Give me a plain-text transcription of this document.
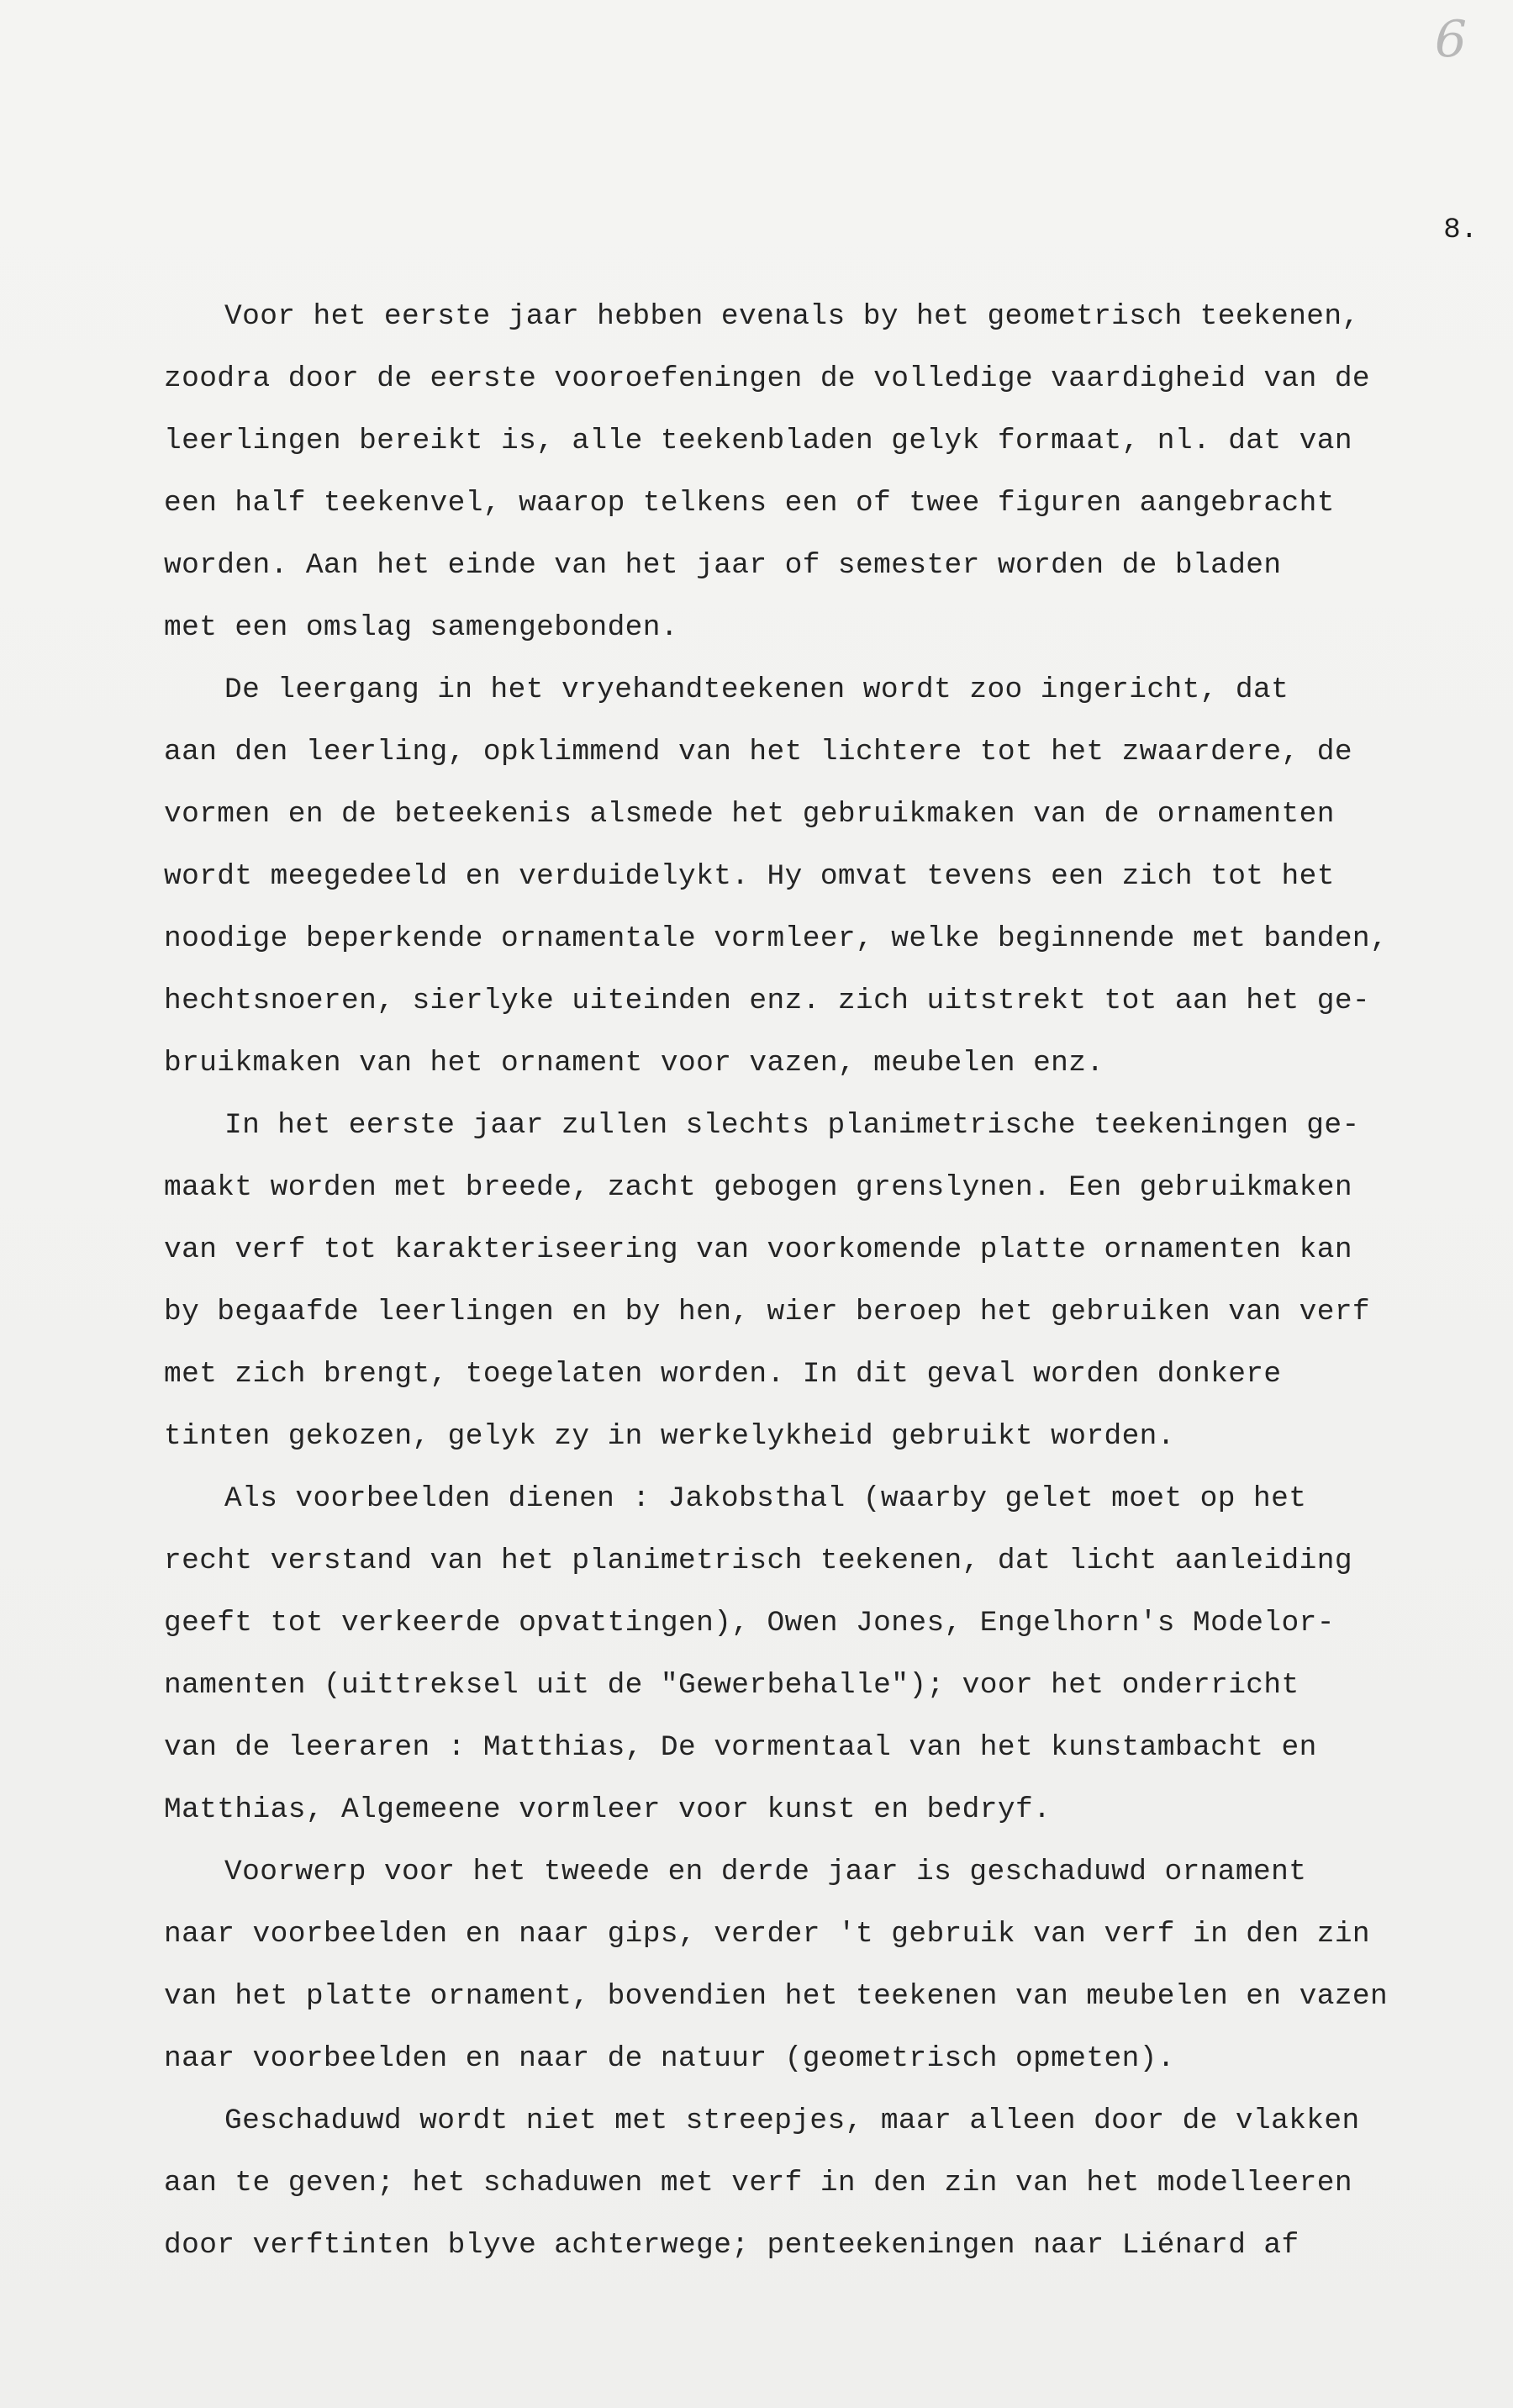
6
8.
Voor het eerste jaar hebben evenals by het geometrisch teekenen,
zoodra door de eerste vooroefeningen de volledige vaardigheid van de
leerlingen bereikt is, alle teekenbladen gelyk formaat, nl. dat van
een half teekenvel, waarop telkens een of twee figuren aangebracht
worden. Aan het einde van het jaar of semester worden de bladen
met een omslag samengebonden.
De leergang in het vryehandteekenen wordt zoo ingericht, dat
aan den leerling, opklimmend van het lichtere tot het zwaardere, de
vormen en de beteekenis alsmede het gebruikmaken van de ornamenten
wordt meegedeeld en verduidelykt. Hy omvat tevens een zich tot het
noodige beperkende ornamentale vormleer, welke beginnende met banden,
hechtsnoeren, sierlyke uiteinden enz. zich uitstrekt tot aan het ge-
bruikmaken van het ornament voor vazen, meubelen enz.
In het eerste jaar zullen slechts planimetrische teekeningen ge-
maakt worden met breede, zacht gebogen grenslynen. Een gebruikmaken
van verf tot karakteriseering van voorkomende platte ornamenten kan
by begaafde leerlingen en by hen, wier beroep het gebruiken van verf
met zich brengt, toegelaten worden. In dit geval worden donkere
tinten gekozen, gelyk zy in werkelykheid gebruikt worden.
Als voorbeelden dienen : Jakobsthal (waarby gelet moet op het
recht verstand van het planimetrisch teekenen, dat licht aanleiding
geeft tot verkeerde opvattingen), Owen Jones, Engelhorn's Modelor-
namenten (uittreksel uit de "Gewerbehalle"); voor het onderricht
van de leeraren : Matthias, De vormentaal van het kunstambacht en
Matthias, Algemeene vormleer voor kunst en bedryf.
Voorwerp voor het tweede en derde jaar is geschaduwd ornament
naar voorbeelden en naar gips, verder 't gebruik van verf in den zin
van het platte ornament, bovendien het teekenen van meubelen en vazen
naar voorbeelden en naar de natuur (geometrisch opmeten).
Geschaduwd wordt niet met streepjes, maar alleen door de vlakken
aan te geven; het schaduwen met verf in den zin van het modelleeren
door verftinten blyve achterwege; penteekeningen naar Liénard af
